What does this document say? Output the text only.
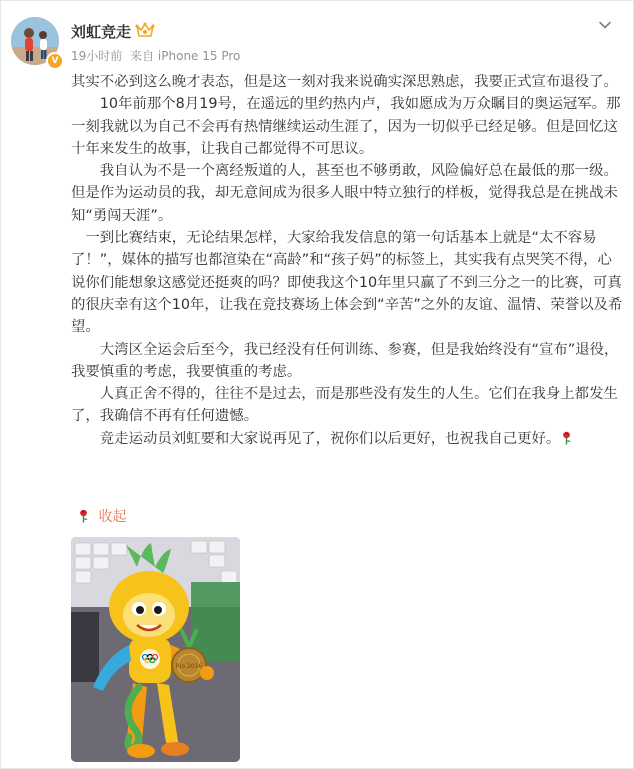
V
刘虹竞走
19小时前 来自 iPhone 15 Pro

其实不必到这么晚才表态，但是这一刻对我来说确实深思熟虑，我要正式宣布退役了。

　　10年前那个8月19号，在遥远的里约热内卢，我如愿成为万众瞩目的奥运冠军。那一刻我就以为自己不会再有热情继续运动生涯了，因为一切似乎已经足够。但是回忆这十年来发生的故事，让我自己都觉得不可思议。

　　我自认为不是一个离经叛道的人，甚至也不够勇敢，风险偏好总在最低的那一级。但是作为运动员的我，却无意间成为很多人眼中特立独行的样板，觉得我总是在挑战未知“勇闯天涯”。

　一到比赛结束，无论结果怎样，大家给我发信息的第一句话基本上就是“太不容易了！”，媒体的描写也都渲染在“高龄”和“孩子妈”的标签上，其实我有点哭笑不得，心说你们能想象这感觉还挺爽的吗？即使我这个10年里只赢了不到三分之一的比赛，可真的很庆幸有这个10年，让我在竞技赛场上体会到“辛苦”之外的友谊、温情、荣誉以及希望。

　　大湾区全运会后至今，我已经没有任何训练、参赛，但是我始终没有“宣布”退役，我要慎重的考虑，我要慎重的考虑。

　　人真正舍不得的，往往不是过去，而是那些没有发生的人生。它们在我身上都发生了，我确信不再有任何遗憾。

　　竞走运动员刘虹要和大家说再见了，祝你们以后更好，也祝我自己更好。

收起
Rio 2016
